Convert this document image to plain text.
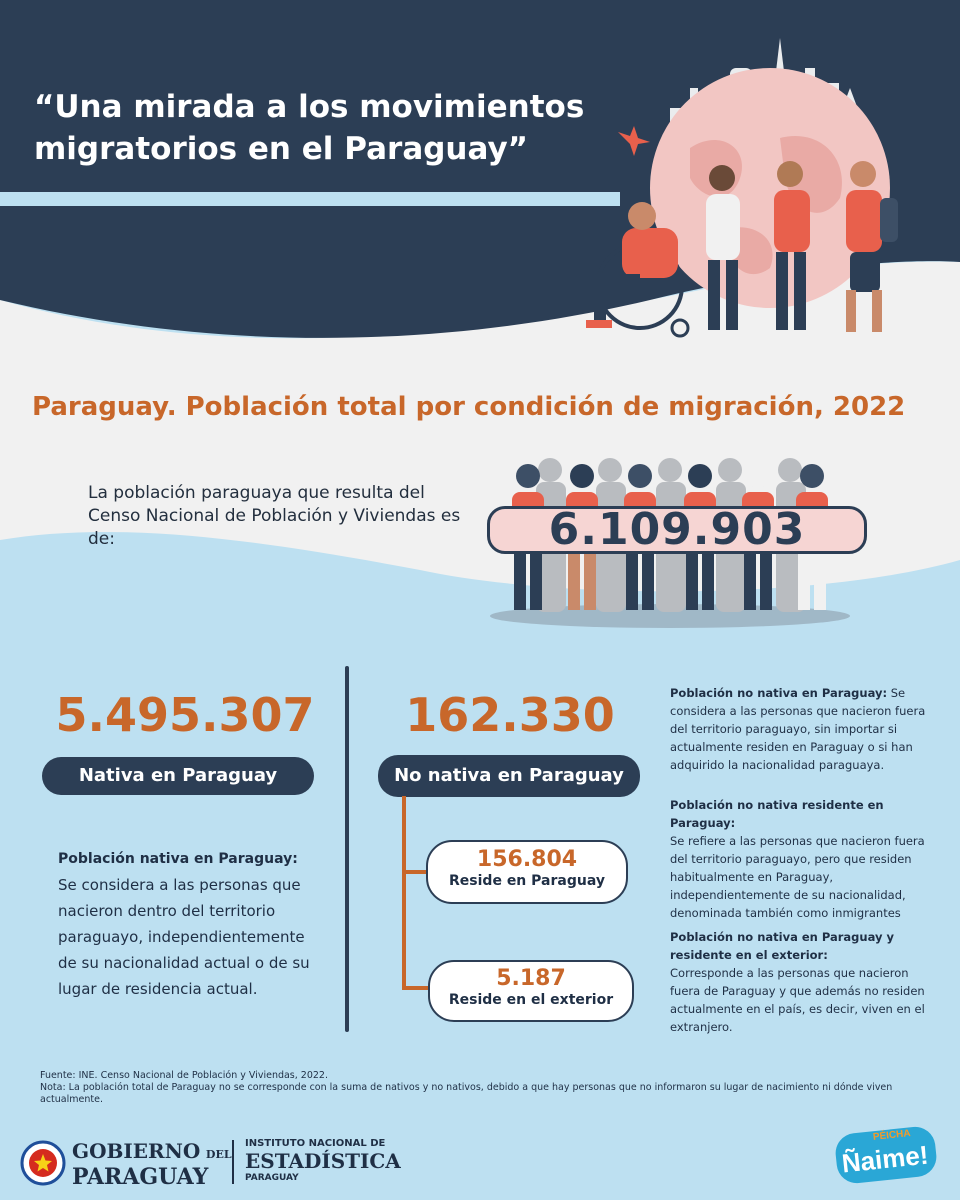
“Una mirada a los movimientos migratorios en el Paraguay”
Paraguay. Población total por condición de migración, 2022

La población paraguaya que resulta del Censo Nacional de Población y Viviendas es de:	6.109.903
5.495.307
Nativa en Paraguay
Población nativa en Paraguay:
Se considera a las personas que nacieron dentro del territorio paraguayo, independientemente de su nacionalidad actual o de su lugar de residencia actual.
162.330
No nativa en Paraguay
156.804
Reside en Paraguay
5.187
Reside en el exterior
Población no nativa en Paraguay: Se considera a las personas que nacieron fuera del territorio paraguayo, sin importar si actualmente residen en Paraguay o si han adquirido la nacionalidad paraguaya.
Población no nativa residente en Paraguay:
Se refiere a las personas que nacieron fuera del territorio paraguayo, pero que residen habitualmente en Paraguay, independientemente de su nacionalidad, denominada también como inmigrantes
Población no nativa en Paraguay y residente en el exterior:
Corresponde a las personas que nacieron fuera de Paraguay y que además no residen actualmente en el país, es decir, viven en el extranjero.
Fuente: INE. Censo Nacional de Población y Viviendas, 2022.
Nota: La población total de Paraguay no se corresponde con la suma de nativos y no nativos, debido a que hay personas que no informaron su lugar de nacimiento ni dónde viven actualmente.
GOBIERNO DEL
PARAGUAY
INSTITUTO NACIONAL DE
ESTADÍSTICA
PARAGUAY
PÉICHA
Ñaime!
